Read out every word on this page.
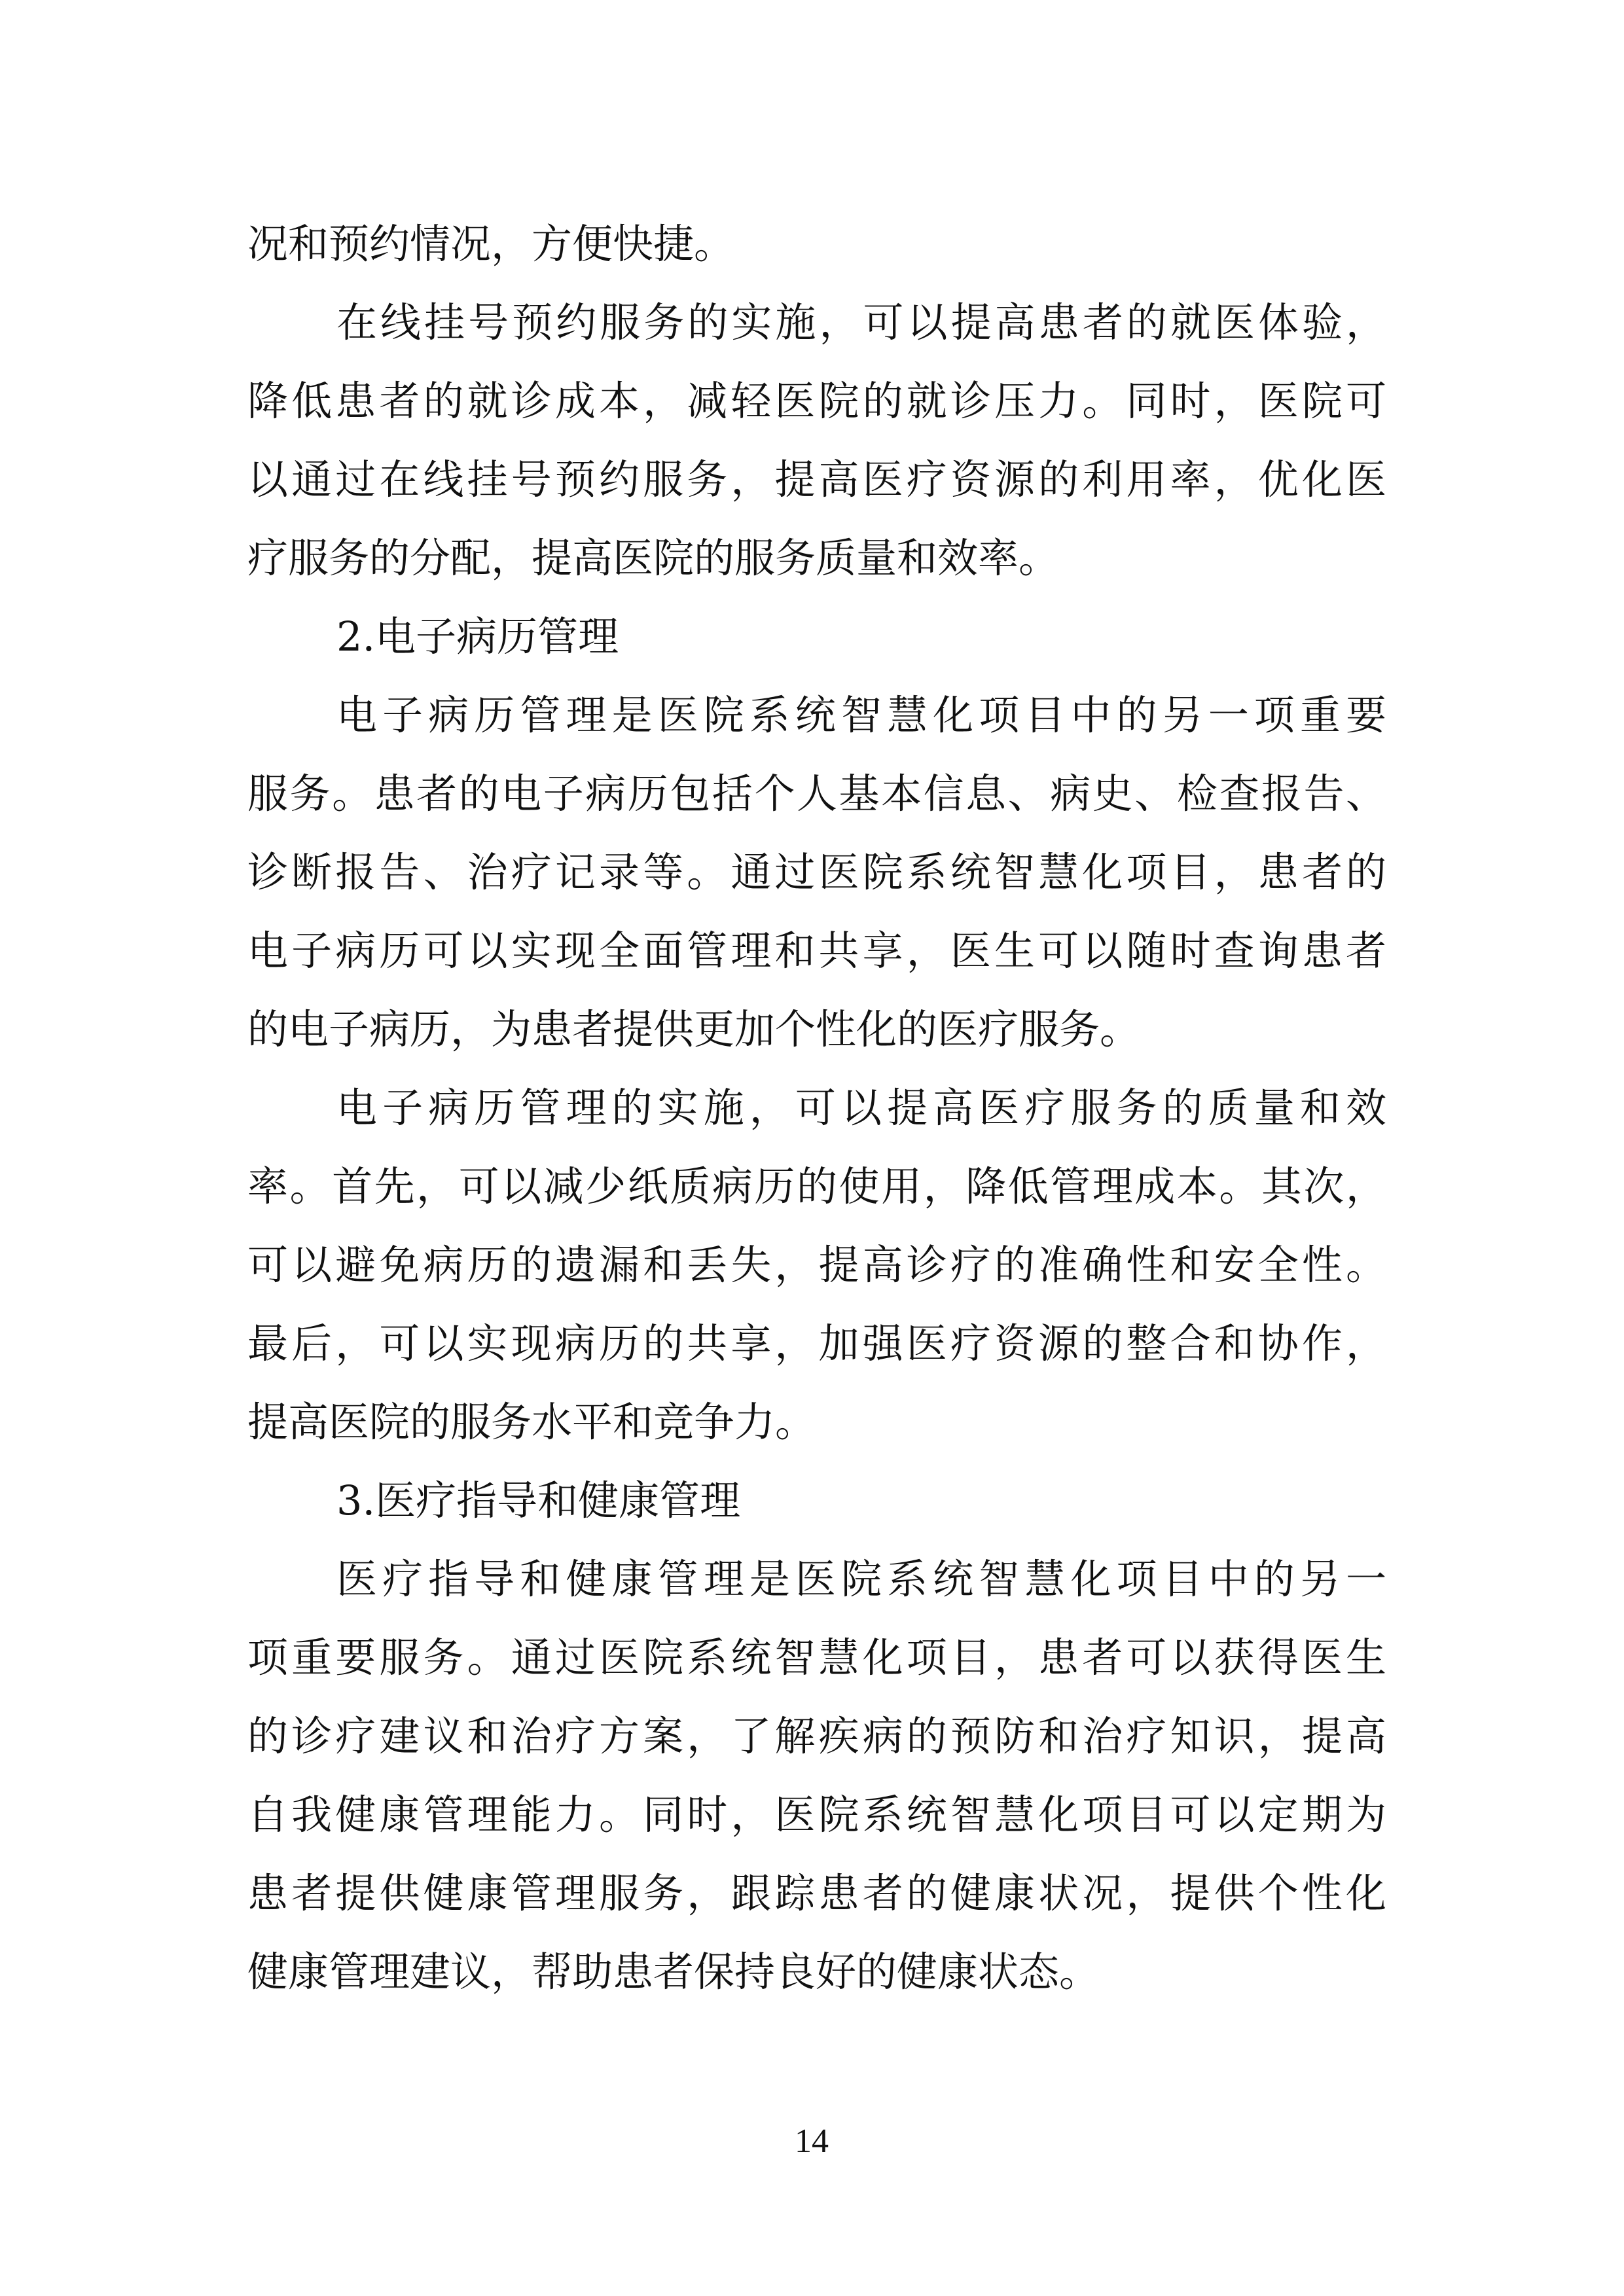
况和预约情况，方便快捷。
在线挂号预约服务的实施，可以提高患者的就医体验，
降低患者的就诊成本，减轻医院的就诊压力。同时，医院可
以通过在线挂号预约服务，提高医疗资源的利用率，优化医
疗服务的分配，提高医院的服务质量和效率。
2.电子病历管理
电子病历管理是医院系统智慧化项目中的另一项重要
服务。患者的电子病历包括个人基本信息、病史、检查报告、
诊断报告、治疗记录等。通过医院系统智慧化项目，患者的
电子病历可以实现全面管理和共享，医生可以随时查询患者
的电子病历，为患者提供更加个性化的医疗服务。
电子病历管理的实施，可以提高医疗服务的质量和效
率。首先，可以减少纸质病历的使用，降低管理成本。其次，
可以避免病历的遗漏和丢失，提高诊疗的准确性和安全性。
最后，可以实现病历的共享，加强医疗资源的整合和协作，
提高医院的服务水平和竞争力。
3.医疗指导和健康管理
医疗指导和健康管理是医院系统智慧化项目中的另一
项重要服务。通过医院系统智慧化项目，患者可以获得医生
的诊疗建议和治疗方案，了解疾病的预防和治疗知识，提高
自我健康管理能力。同时，医院系统智慧化项目可以定期为
患者提供健康管理服务，跟踪患者的健康状况，提供个性化
健康管理建议，帮助患者保持良好的健康状态。
14
